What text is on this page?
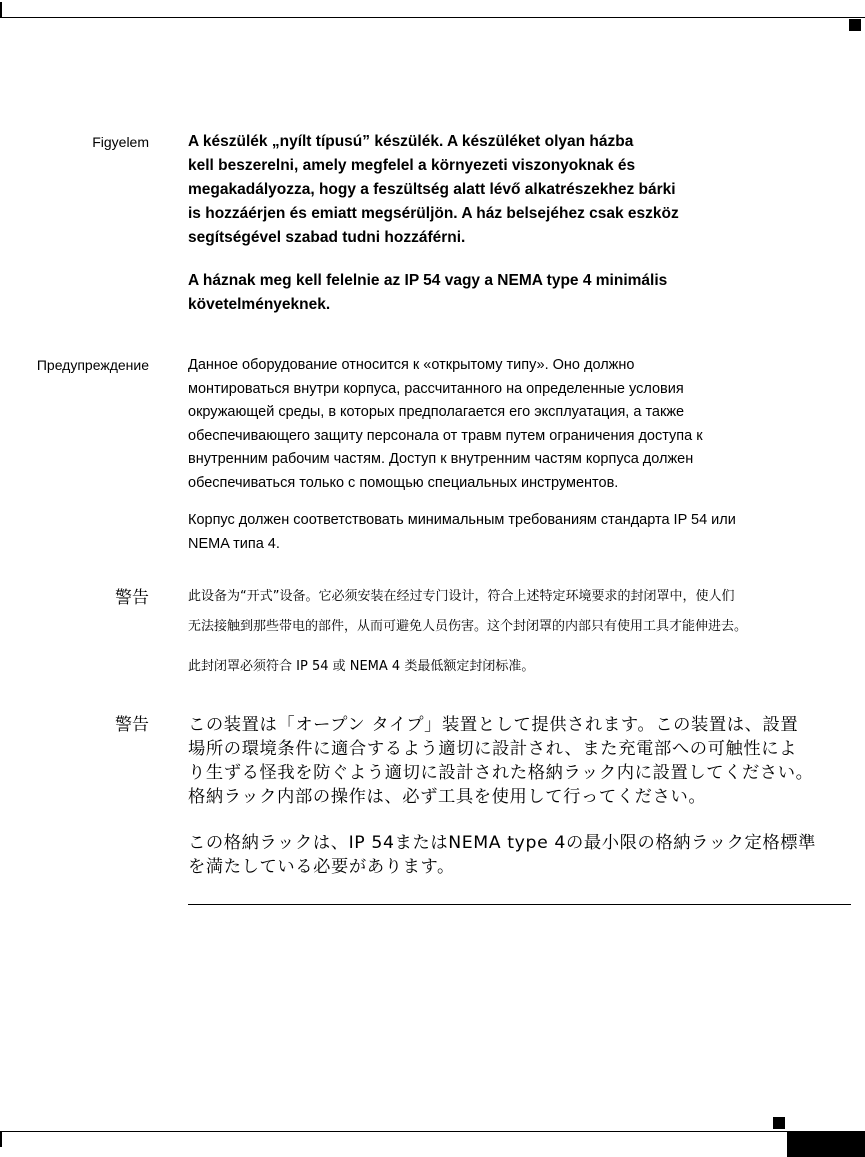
Figyelem	A készülék „nyílt típusú” készülék. A készüléket olyan házba
kell beszerelni, amely megfelel a környezeti viszonyoknak és
megakadályozza, hogy a feszültség alatt lévő alkatrészekhez bárki
is hozzáérjen és emiatt megsérüljön. A ház belsejéhez csak eszköz
segítségével szabad tudni hozzáférni.
A háznak meg kell felelnie az IP 54 vagy a NEMA type 4 minimális
követelményeknek.
Предупреждение	Данное оборудование относится к «открытому типу». Оно должно
монтироваться внутри корпуса, рассчитанного на определенные условия
окружающей среды, в которых предполагается его эксплуатация, а также
обеспечивающего защиту персонала от травм путем ограничения доступа к
внутренним рабочим частям. Доступ к внутренним частям корпуса должен
обеспечиваться только с помощью специальных инструментов.
Корпус должен соответствовать минимальным требованиям стандарта IP 54 или
NEMA типа 4.
警告	此设备为“开式”设备。它必须安装在经过专门设计，符合上述特定环境要求的封闭罩中，使人们
无法接触到那些带电的部件，从而可避免人员伤害。这个封闭罩的内部只有使用工具才能伸进去。
此封闭罩必须符合 IP 54 或 NEMA 4 类最低额定封闭标准。
警告 この装置は「オープン タイプ」装置として提供されます。この装置は、設置
場所の環境条件に適合するよう適切に設計され、また充電部への可触性によ
り生ずる怪我を防ぐよう適切に設計された格納ラック内に設置してください。
格納ラック内部の操作は、必ず工具を使用して行ってください。
この格納ラックは、IP 54またはNEMA type 4の最小限の格納ラック定格標準
を満たしている必要があります。
